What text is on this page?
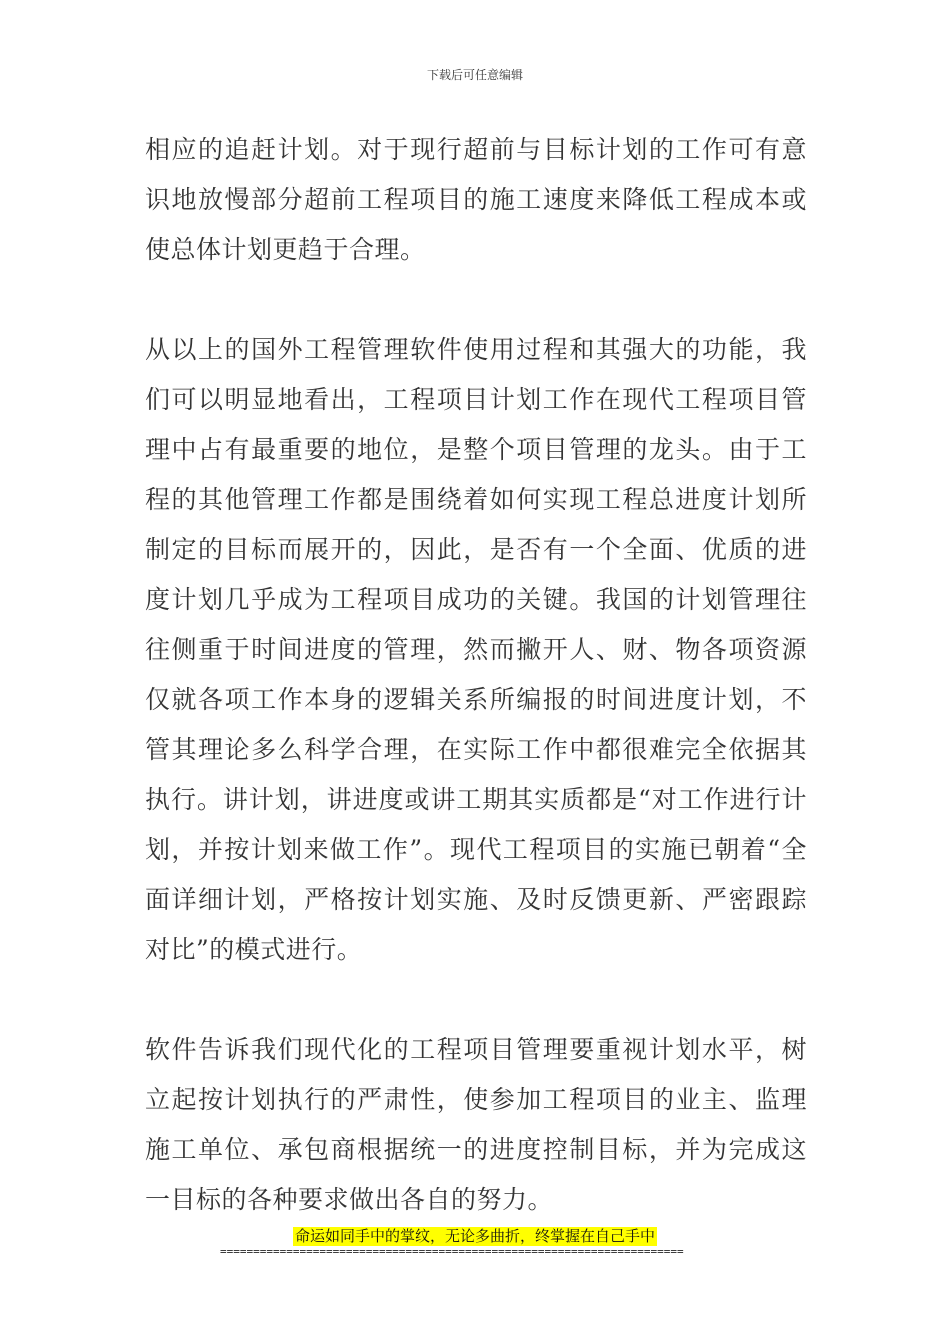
下载后可任意编辑

相应的追赶计划。对于现行超前与目标计划的工作可有意识地放慢部分超前工程项目的施工速度来降低工程成本或使总体计划更趋于合理。

从以上的国外工程管理软件使用过程和其强大的功能，我们可以明显地看出，工程项目计划工作在现代工程项目管理中占有最重要的地位，是整个项目管理的龙头。由于工程的其他管理工作都是围绕着如何实现工程总进度计划所制定的目标而展开的，因此，是否有一个全面、优质的进度计划几乎成为工程项目成功的关键。我国的计划管理往往侧重于时间进度的管理，然而撇开人、财、物各项资源仅就各项工作本身的逻辑关系所编报的时间进度计划，不管其理论多么科学合理，在实际工作中都很难完全依据其执行。讲计划，讲进度或讲工期其实质都是“对工作进行计划，并按计划来做工作”。现代工程项目的实施已朝着“全面详细计划，严格按计划实施、及时反馈更新、严密跟踪对比”的模式进行。

软件告诉我们现代化的工程项目管理要重视计划水平，树立起按计划执行的严肃性，使参加工程项目的业主、监理施工单位、承包商根据统一的进度控制目标，并为完成这一目标的各种要求做出各自的努力。

命运如同手中的掌纹，无论多曲折，终掌握在自己手中
======================================================================
